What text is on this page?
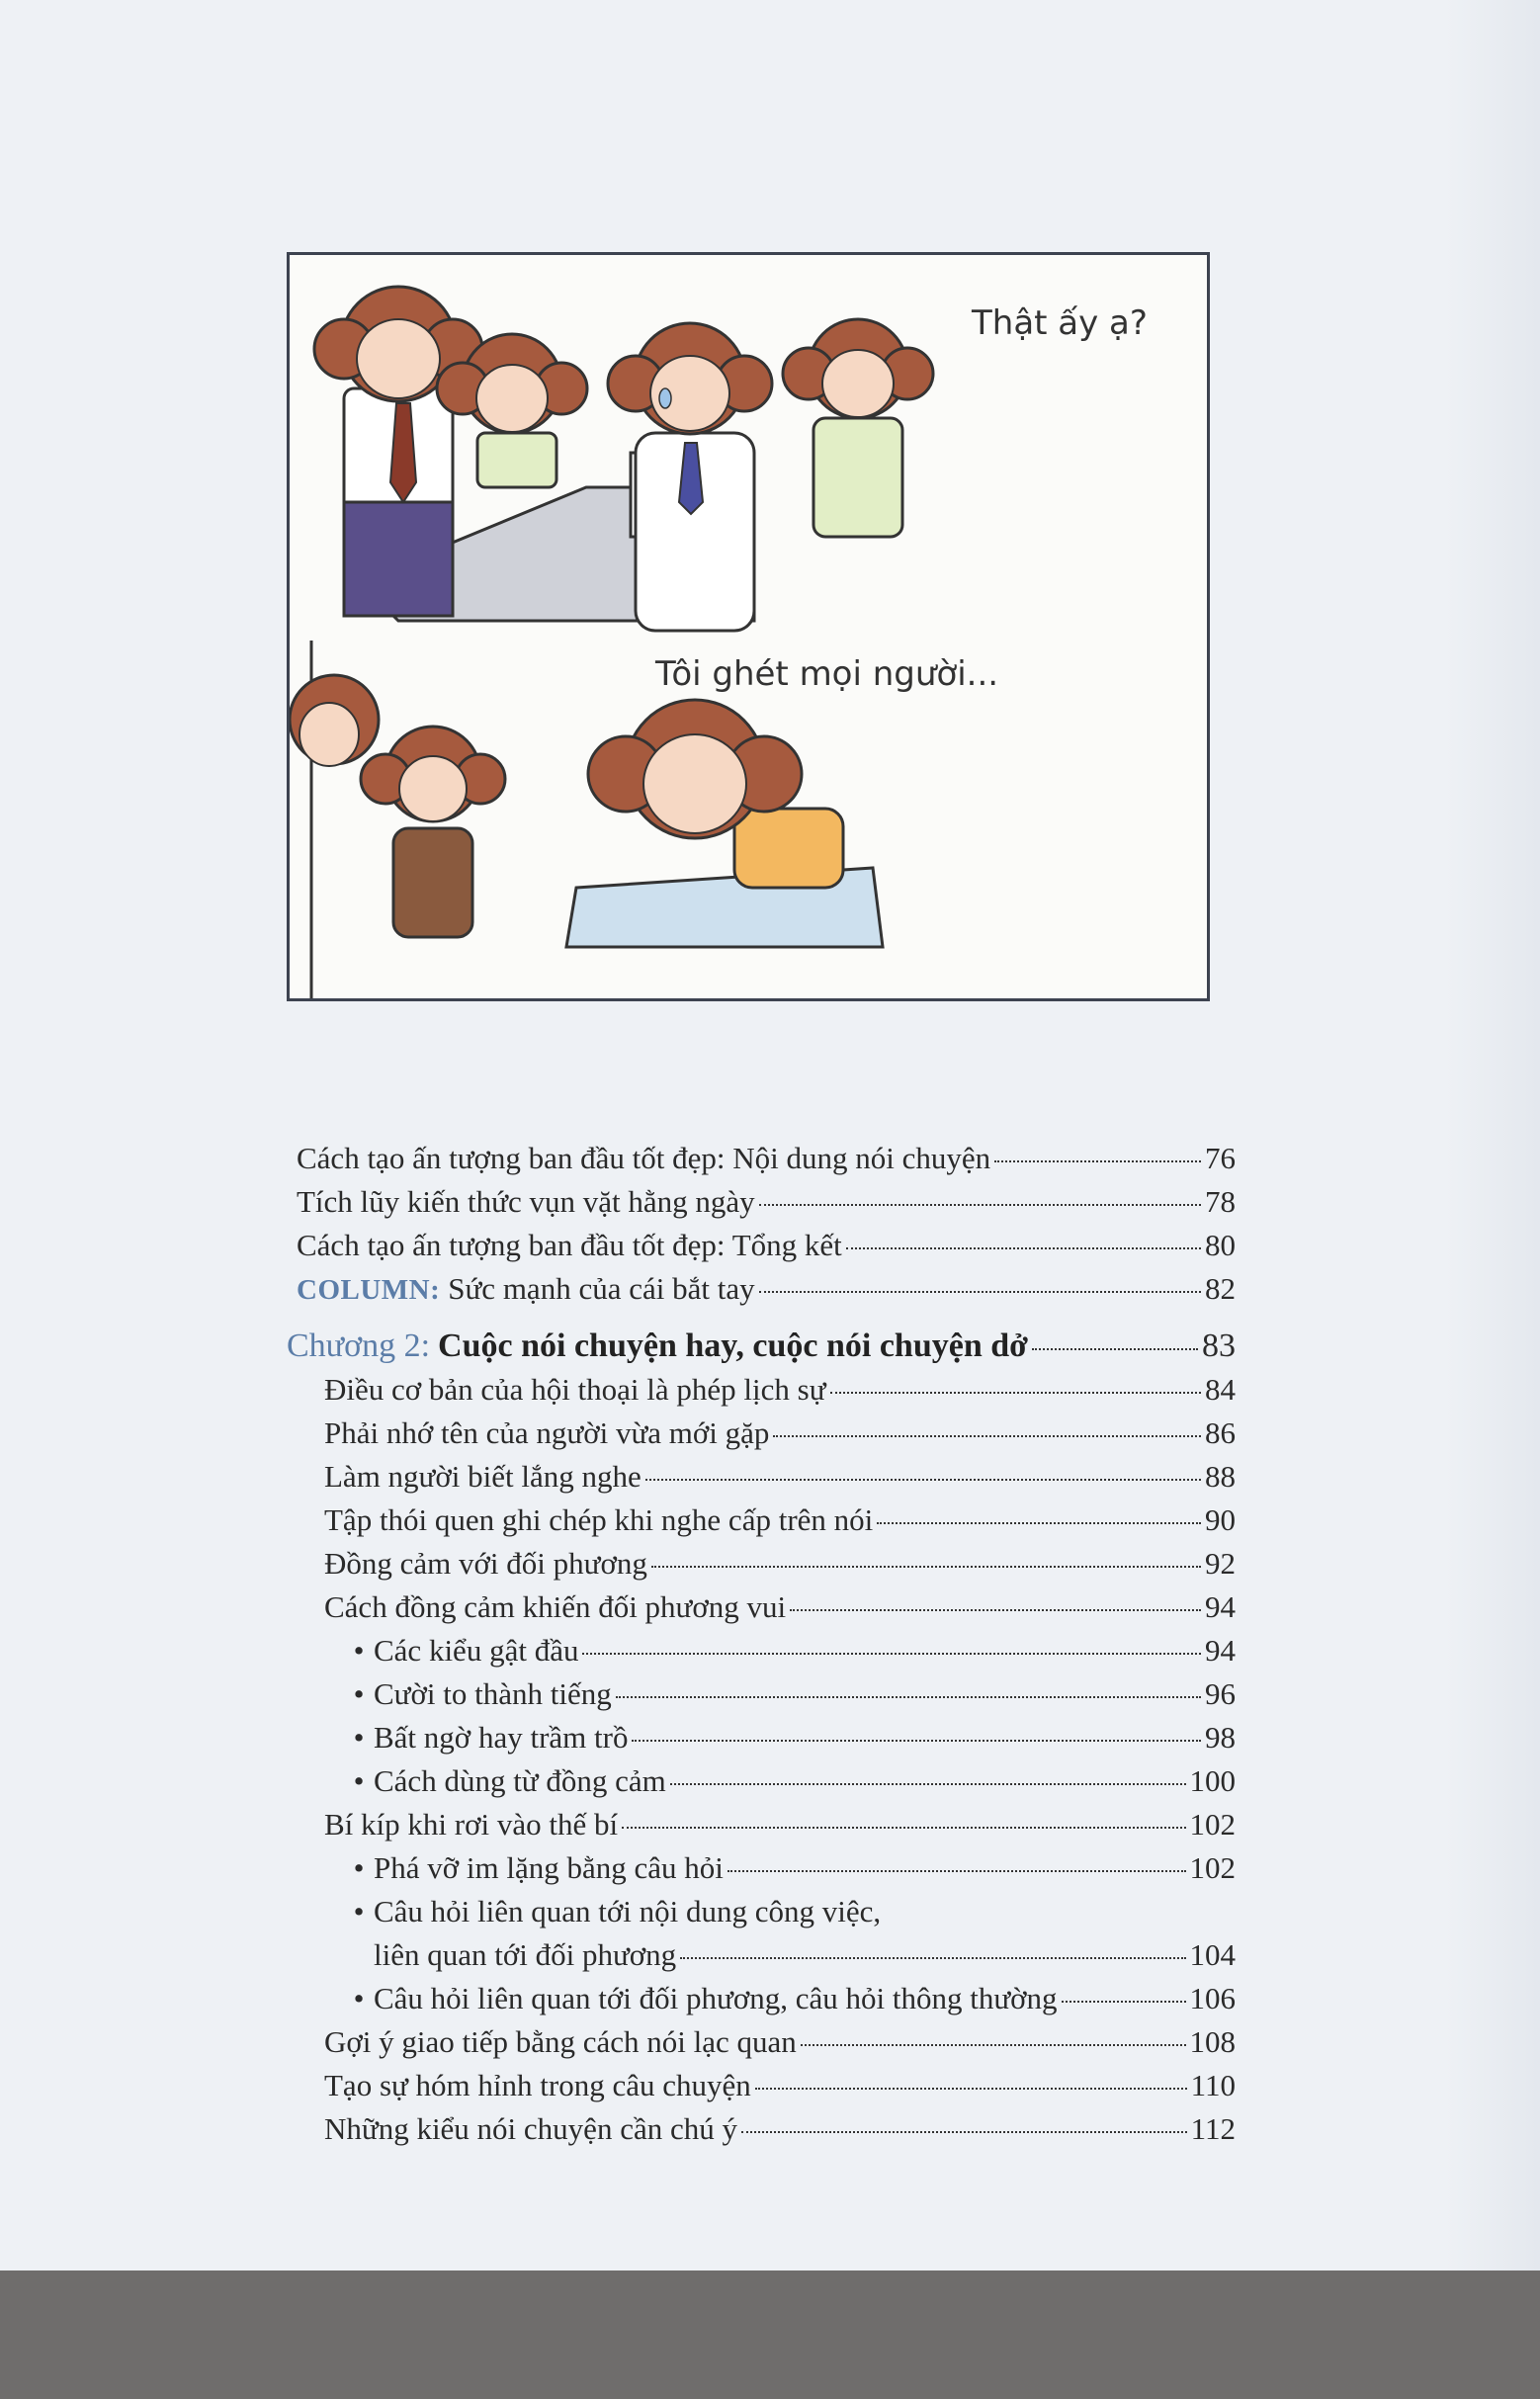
Thật ấy ạ?
Tôi ghét mọi người...
Cách tạo ấn tượng ban đầu tốt đẹp: Nội dung nói chuyện	76
Tích lũy kiến thức vụn vặt hằng ngày	78
Cách tạo ấn tượng ban đầu tốt đẹp: Tổng kết	80
COLUMN: Sức mạnh của cái bắt tay	82
Chương 2: Cuộc nói chuyện hay, cuộc nói chuyện dở	83
Điều cơ bản của hội thoại là phép lịch sự	84
Phải nhớ tên của người vừa mới gặp	86
Làm người biết lắng nghe	88
Tập thói quen ghi chép khi nghe cấp trên nói	90
Đồng cảm với đối phương	92
Cách đồng cảm khiến đối phương vui	94
• Các kiểu gật đầu	94
• Cười to thành tiếng	96
• Bất ngờ hay trầm trồ	98
• Cách dùng từ đồng cảm	100
Bí kíp khi rơi vào thế bí	102
• Phá vỡ im lặng bằng câu hỏi	102
• Câu hỏi liên quan tới nội dung công việc,
liên quan tới đối phương	104
• Câu hỏi liên quan tới đối phương, câu hỏi thông thường	106
Gợi ý giao tiếp bằng cách nói lạc quan	108
Tạo sự hóm hỉnh trong câu chuyện	110
Những kiểu nói chuyện cần chú ý	112
